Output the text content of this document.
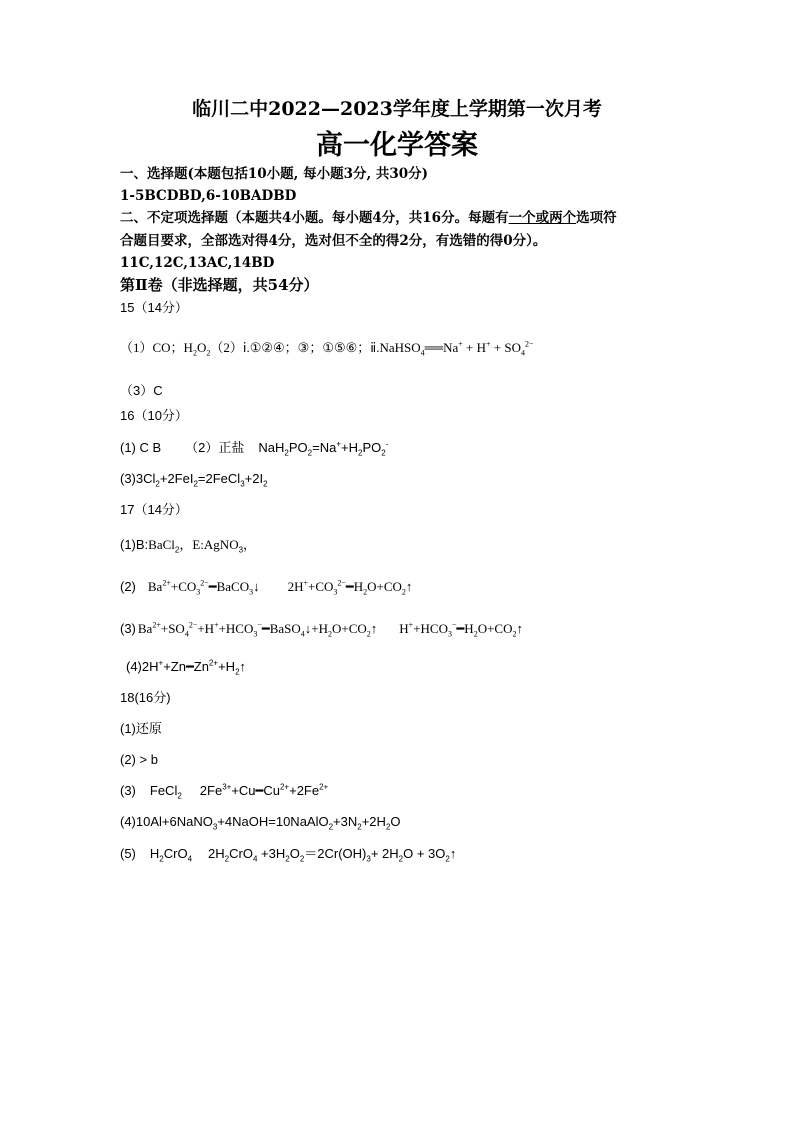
临川二中2022—2023学年度上学期第一次月考
高一化学答案
一、选择题(本题包括10小题, 每小题3分, 共30分)
1-5BCDBD,6-10BADBD
二、不定项选择题（本题共4小题。每小题4分，共16分。每题有一个或两个选项符
合题目要求，全部选对得4分，选对但不全的得2分，有选错的得0分）。
11C,12C,13AC,14BD
第Ⅱ卷（非选择题，共54分）
15（14分）
（1）CO；$H_2O_2(2)ⅰ.①②④$；③；①⑤⑥；ⅱ.NaHSO$_4$══Na+ + $H^+ + SO_4^{2-}$
（3）C
16（10分）
(1) C B （2）正盐 $NaH_2PO_2=Na^++H_2PO_2^-$
$(3)3Cl_2+2FeI_2=2FeCl_3+2I_2$
17（14分）
(1)B:BaCl$_2$，E:AgNO$_3$，
(2) $Ba^{2+}+CO_3^{2-}━BaCO_3↓$ $2H^++CO_3^{2-}━H_2O+CO_2↑$
(3) $Ba^{2+}+SO_4^{2-}+H^++HCO_3^-━BaSO_4↓+H_2O+CO_2↑$ $H^++HCO_3^-━H_2O+CO_2↑$
$(4)2H^++Zn━Zn^{2+}+H_2↑$
18(16分)
(1)还原
(2) > b
(3) FeCl$_2$ $2Fe^{3+}+Cu━Cu^{2+}+2Fe^{2+}$
$(4)10Al+6NaNO_3+4NaOH=10NaAlO_2+3N_2+2H_2O$
(5) $H_2CrO_4$ $2H_2CrO_4 +3H_2O_2=2Cr(OH)_3+ 2H_2O$ + $3O_2↑$
